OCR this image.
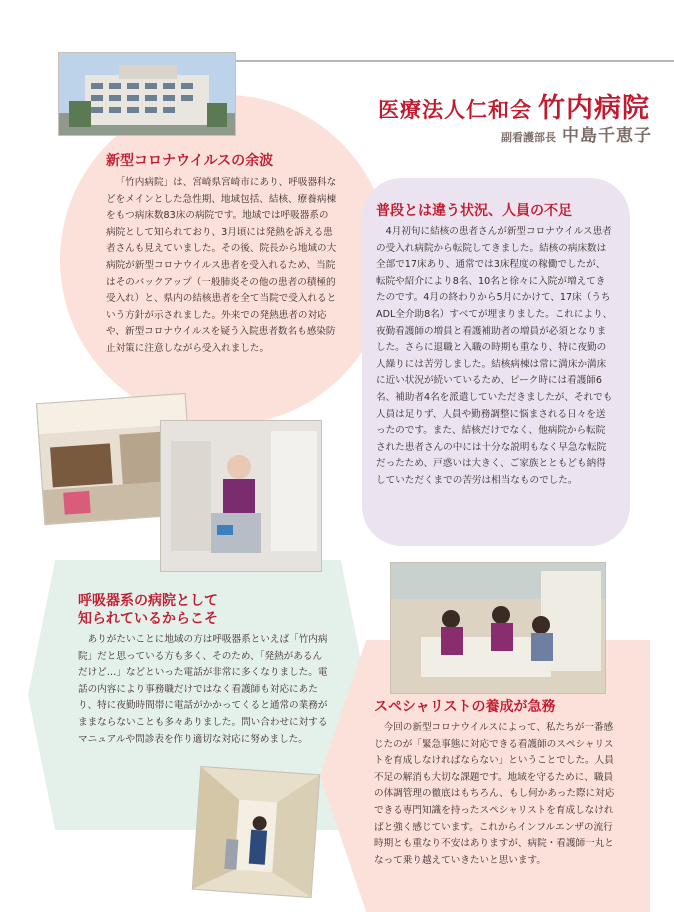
医療法人仁和会 竹内病院
副看護部長 中島千恵子
新型コロナウイルスの余波

「竹内病院」は、宮崎県宮崎市にあり、呼吸器科などをメインとした急性期、地域包括、結核、療養病棟をもつ病床数83床の病院です。地域では呼吸器系の病院として知られており、3月頃には発熱を訴える患者さんも見えていました。その後、院長から地域の大病院が新型コロナウイルス患者を受入れるため、当院はそのバックアップ（一般肺炎その他の患者の積極的受入れ）と、県内の結核患者を全て当院で受入れるという方針が示されました。外来での発熱患者の対応や、新型コロナウイルスを疑う入院患者数名も感染防止対策に注意しながら受入れました。

普段とは違う状況、人員の不足

4月初旬に結核の患者さんが新型コロナウイルス患者の受入れ病院から転院してきました。結核の病床数は全部で17床あり、通常では3床程度の稼働でしたが、転院や紹介により8名、10名と徐々に入院が増えてきたのです。4月の終わりから5月にかけて、17床（うちADL全介助8名）すべてが埋まりました。これにより、夜勤看護師の増員と看護補助者の増員が必須となりました。さらに退職と入職の時期も重なり、特に夜勤の人繰りには苦労しました。結核病棟は常に満床か満床に近い状況が続いているため、ピーク時には看護師6名、補助者4名を派遣していただきましたが、それでも人員は足りず、人員や勤務調整に悩まされる日々を送ったのです。また、結核だけでなく、他病院から転院された患者さんの中には十分な説明もなく早急な転院だったため、戸惑いは大きく、ご家族とともども納得していただくまでの苦労は相当なものでした。

呼吸器系の病院として
知られているからこそ

ありがたいことに地域の方は呼吸器系といえば「竹内病院」だと思っている方も多く、そのため、「発熱があるんだけど…」などといった電話が非常に多くなりました。電話の内容により事務職だけではなく看護師も対応にあたり、特に夜勤時間帯に電話がかかってくると通常の業務がままならないことも多々ありました。問い合わせに対するマニュアルや問診表を作り適切な対応に努めました。

スペシャリストの養成が急務

今回の新型コロナウイルスによって、私たちが一番感じたのが「緊急事態に対応できる看護師のスペシャリストを育成しなければならない」ということでした。人員不足の解消も大切な課題です。地域を守るために、職員の体調管理の徹底はもちろん、もし何かあった際に対応できる専門知識を持ったスペシャリストを育成しなければと強く感じています。これからインフルエンザの流行時期とも重なり不安はありますが、病院・看護師一丸となって乗り越えていきたいと思います。
